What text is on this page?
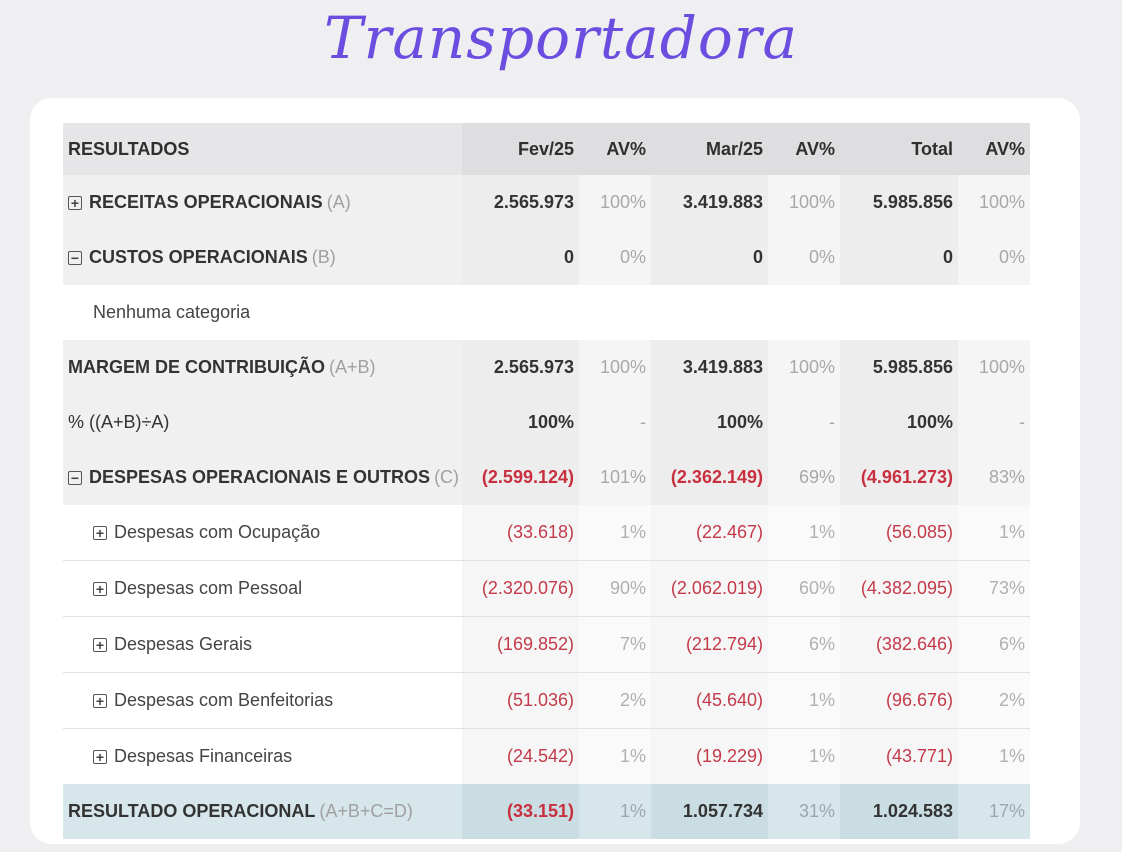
Transportadora
RESULTADOS	Fev/25	AV%	Mar/25	AV%	Total	AV%
+ RECEITAS OPERACIONAIS (A)	2.565.973	100%	3.419.883	100%	5.985.856	100%
− CUSTOS OPERACIONAIS (B)	0	0%	0	0%	0	0%
Nenhuma categoria
MARGEM DE CONTRIBUIÇÃO (A+B)	2.565.973	100%	3.419.883	100%	5.985.856	100%
% ((A+B)÷A)	100%	-	100%	-	100%	-
− DESPESAS OPERACIONAIS E OUTROS (C)	(2.599.124)	101%	(2.362.149)	69%	(4.961.273)	83%
+ Despesas com Ocupação	(33.618)	1%	(22.467)	1%	(56.085)	1%
+ Despesas com Pessoal	(2.320.076)	90%	(2.062.019)	60%	(4.382.095)	73%
+ Despesas Gerais	(169.852)	7%	(212.794)	6%	(382.646)	6%
+ Despesas com Benfeitorias	(51.036)	2%	(45.640)	1%	(96.676)	2%
+ Despesas Financeiras	(24.542)	1%	(19.229)	1%	(43.771)	1%
RESULTADO OPERACIONAL (A+B+C=D)	(33.151)	1%	1.057.734	31%	1.024.583	17%
